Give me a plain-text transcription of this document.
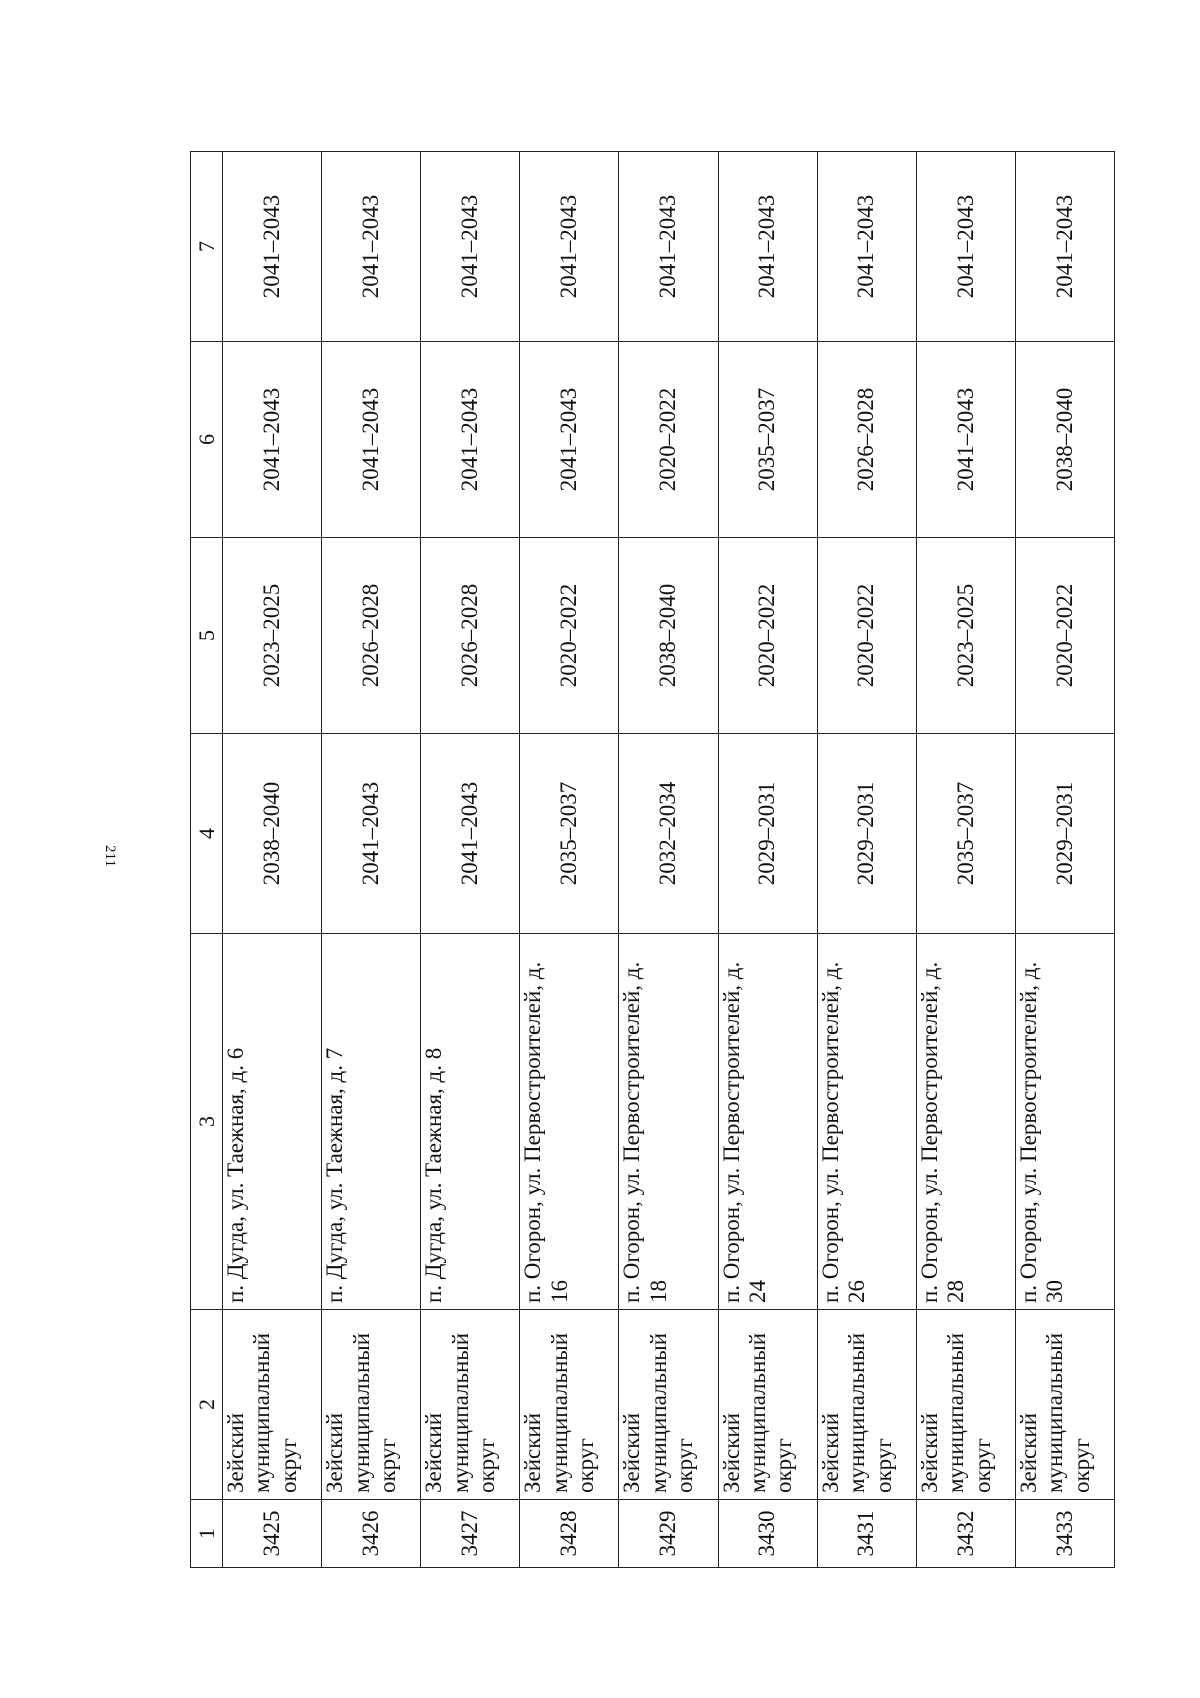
211
1	2	3	4	5	6	7
3425	Зейский муниципальный округ	п. Дугда, ул. Таежная, д. 6	2038–2040	2023–2025	2041–2043	2041–2043
3426	Зейский муниципальный округ	п. Дугда, ул. Таежная, д. 7	2041–2043	2026–2028	2041–2043	2041–2043
3427	Зейский муниципальный округ	п. Дугда, ул. Таежная, д. 8	2041–2043	2026–2028	2041–2043	2041–2043
3428	Зейский муниципальный округ	п. Огорон, ул. Первостроителей, д. 16	2035–2037	2020–2022	2041–2043	2041–2043
3429	Зейский муниципальный округ	п. Огорон, ул. Первостроителей, д. 18	2032–2034	2038–2040	2020–2022	2041–2043
3430	Зейский муниципальный округ	п. Огорон, ул. Первостроителей, д. 24	2029–2031	2020–2022	2035–2037	2041–2043
3431	Зейский муниципальный округ	п. Огорон, ул. Первостроителей, д. 26	2029–2031	2020–2022	2026–2028	2041–2043
3432	Зейский муниципальный округ	п. Огорон, ул. Первостроителей, д. 28	2035–2037	2023–2025	2041–2043	2041–2043
3433	Зейский муниципальный округ	п. Огорон, ул. Первостроителей, д. 30	2029–2031	2020–2022	2038–2040	2041–2043
